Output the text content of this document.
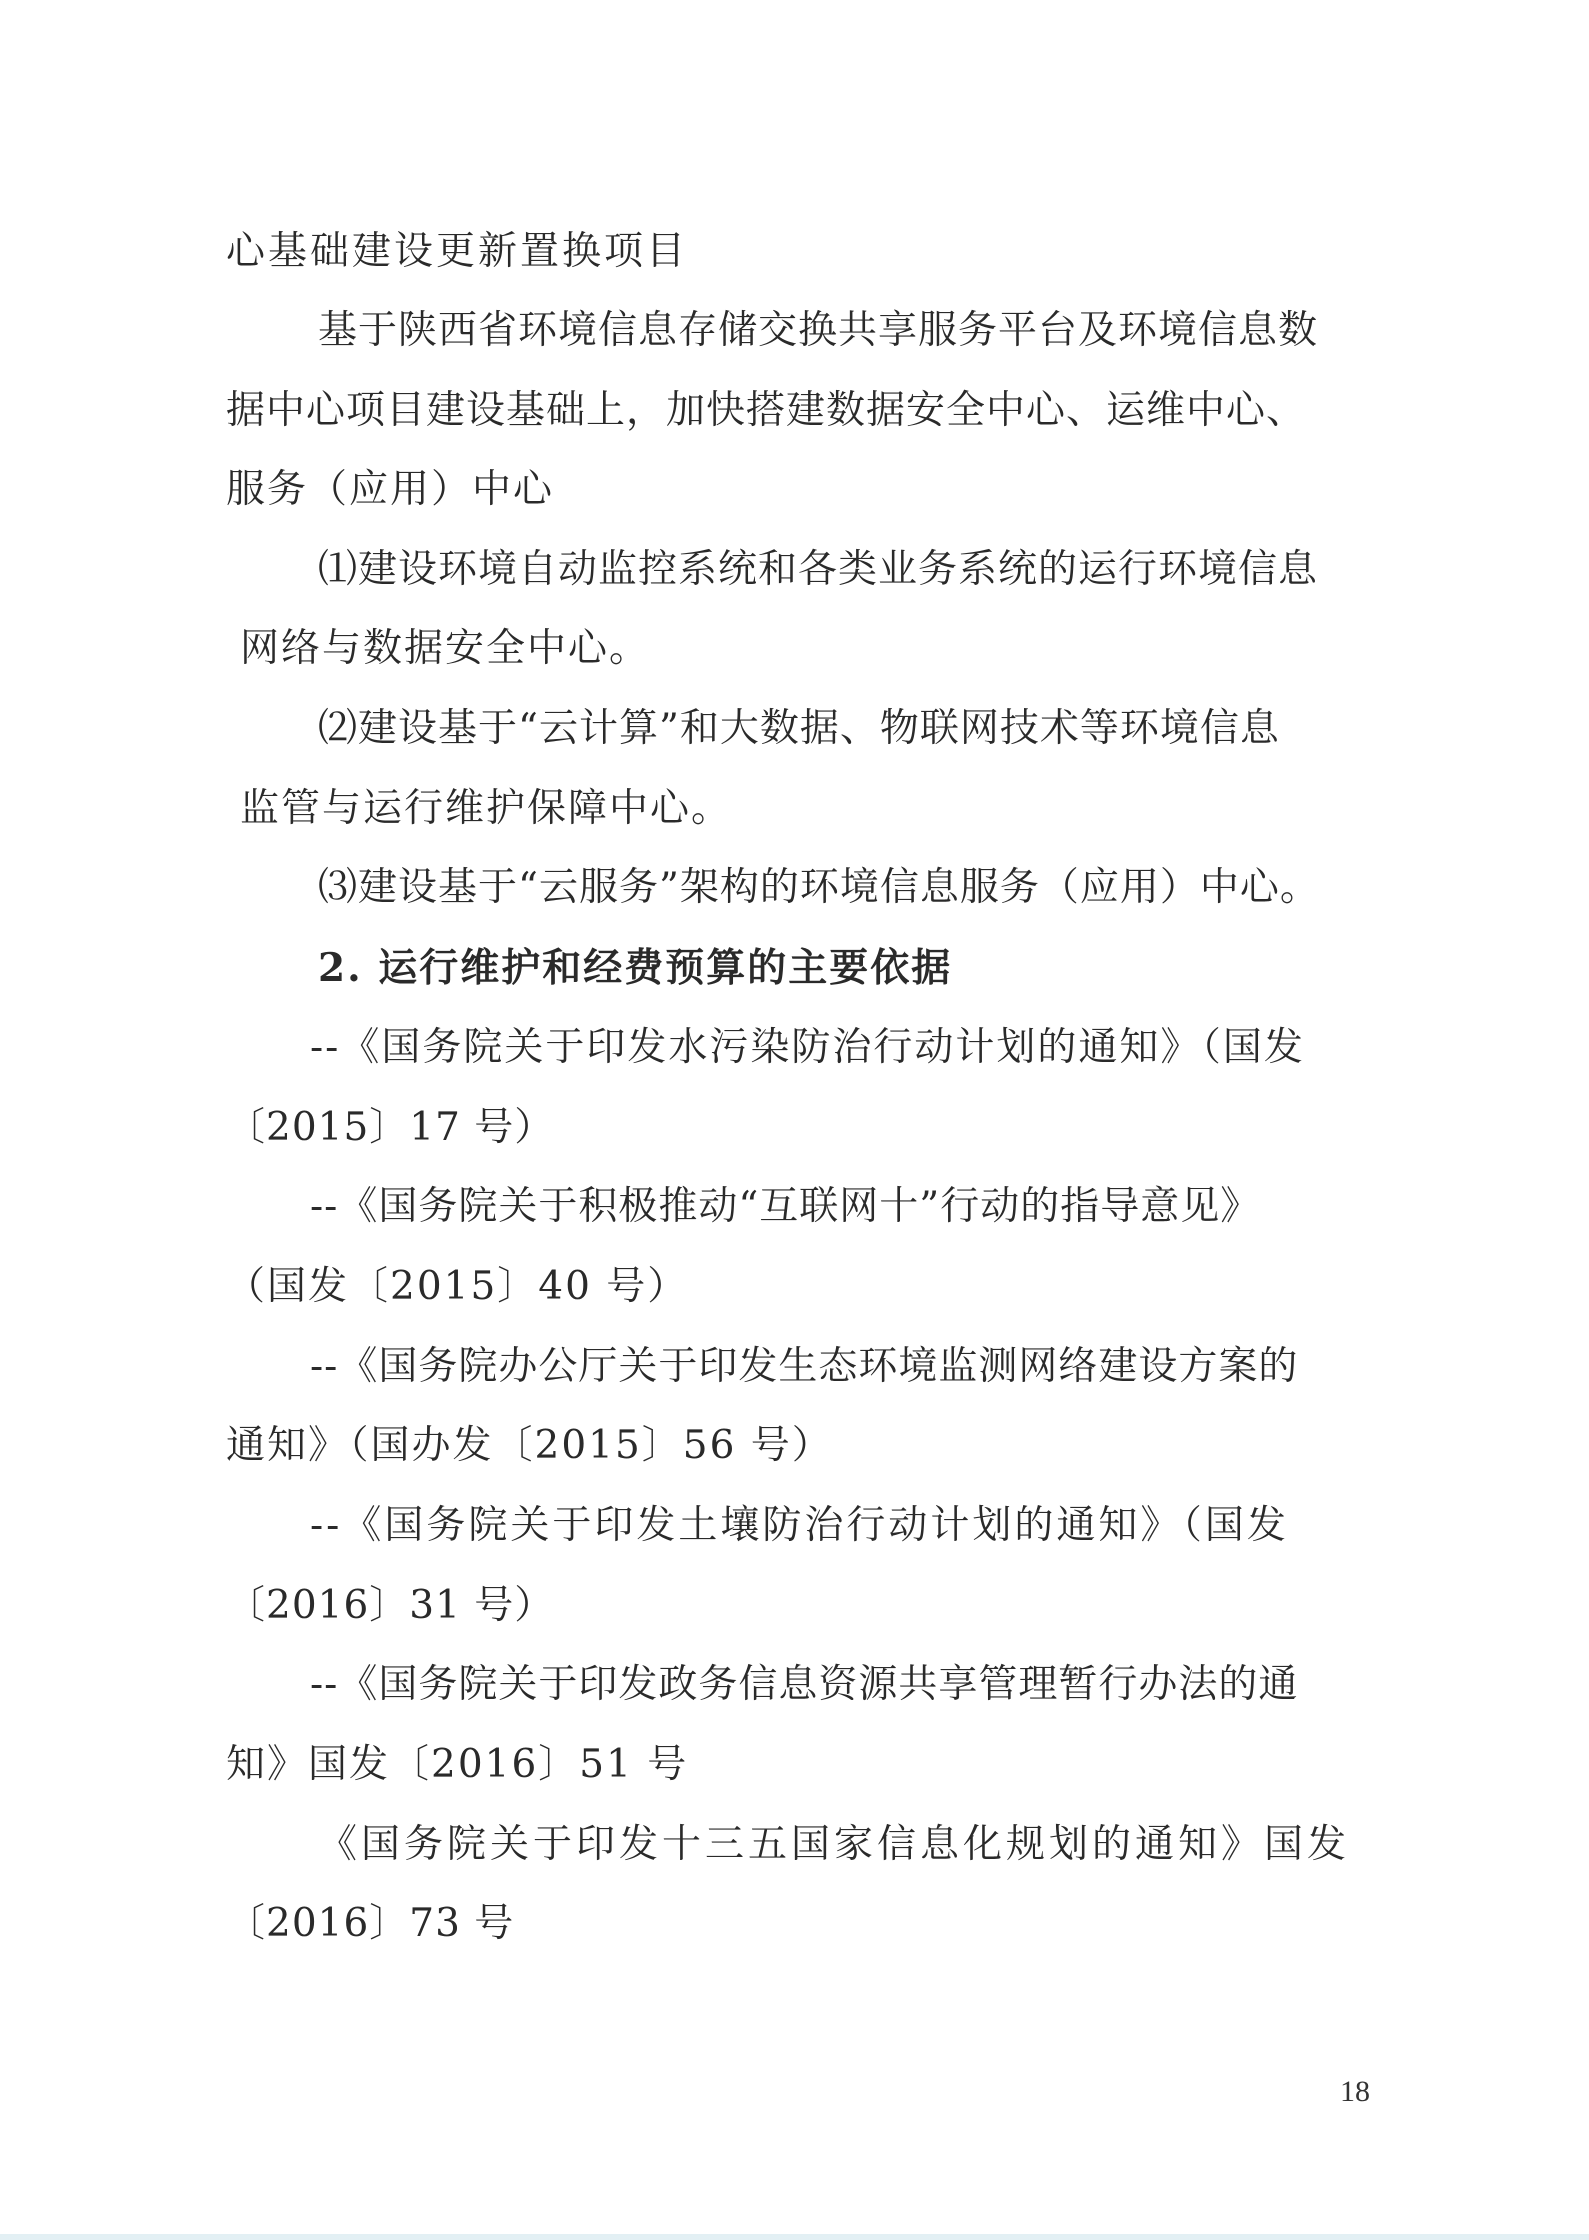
心基础建设更新置换项目
基于陕西省环境信息存储交换共享服务平台及环境信息数
据中心项目建设基础上，加快搭建数据安全中心、运维中心、
服务（应用）中心
⑴建设环境自动监控系统和各类业务系统的运行环境信息
网络与数据安全中心。
⑵建设基于“云计算”和大数据、物联网技术等环境信息
监管与运行维护保障中心。
⑶建设基于“云服务”架构的环境信息服务（应用）中心。
2. 运行维护和经费预算的主要依据
--《国务院关于印发水污染防治行动计划的通知》（国发
〔2015〕17 号）
--《国务院关于积极推动“互联网十”行动的指导意见》
（国发〔2015〕40 号）
--《国务院办公厅关于印发生态环境监测网络建设方案的
通知》（国办发〔2015〕56 号）
--《国务院关于印发土壤防治行动计划的通知》（国发
〔2016〕31 号）
--《国务院关于印发政务信息资源共享管理暂行办法的通
知》国发〔2016〕51 号
《国务院关于印发十三五国家信息化规划的通知》国发
〔2016〕73 号
18
